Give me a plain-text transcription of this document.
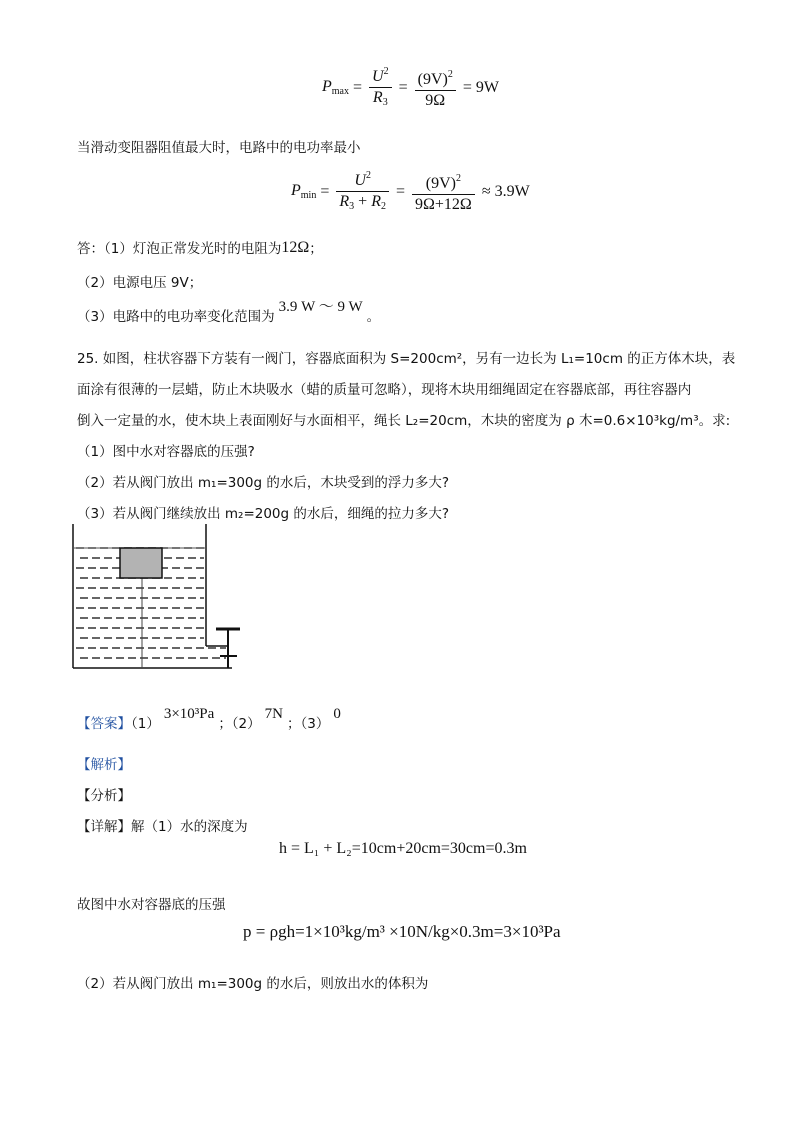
$P_{max} = \frac{U^2}{R_3} = \frac{(9V)^2}{9\Omega} = 9W$
当滑动变阻器阻值最大时，电路中的电功率最小
$P_{min} = \frac{U^2}{R_3 + R_2} = \frac{(9V)^2}{9\Omega+12\Omega} \approx 3.9W$
答：（1）灯泡正常发光时的电阻为12Ω；
（2）电源电压 9V；
（3）电路中的电功率变化范围为3.9 W ～ 9 W。
25. 如图，柱状容器下方装有一阀门，容器底面积为 S=200cm²，另有一边长为 L₁=10cm 的正方体木块，表
面涂有很薄的一层蜡，防止木块吸水（蜡的质量可忽略），现将木块用细绳固定在容器底部，再往容器内
倒入一定量的水，使木块上表面刚好与水面相平，绳长 L₂=20cm，木块的密度为 ρ 木=0.6×10³kg/m³。求:
（1）图中水对容器底的压强?
（2）若从阀门放出 m₁=300g 的水后，木块受到的浮力多大?
（3）若从阀门继续放出 m₂=200g 的水后，细绳的拉力多大?
【答案】（1）3×10³Pa；（2）7N；（3）0
【解析】
【分析】
【详解】解（1）水的深度为
h = L₁ + L₂=10cm+20cm=30cm=0.3m
故图中水对容器底的压强
p = ρgh=1×10³kg/m³ ×10N/kg×0.3m=3×10³Pa
（2）若从阀门放出 m₁=300g 的水后，则放出水的体积为
